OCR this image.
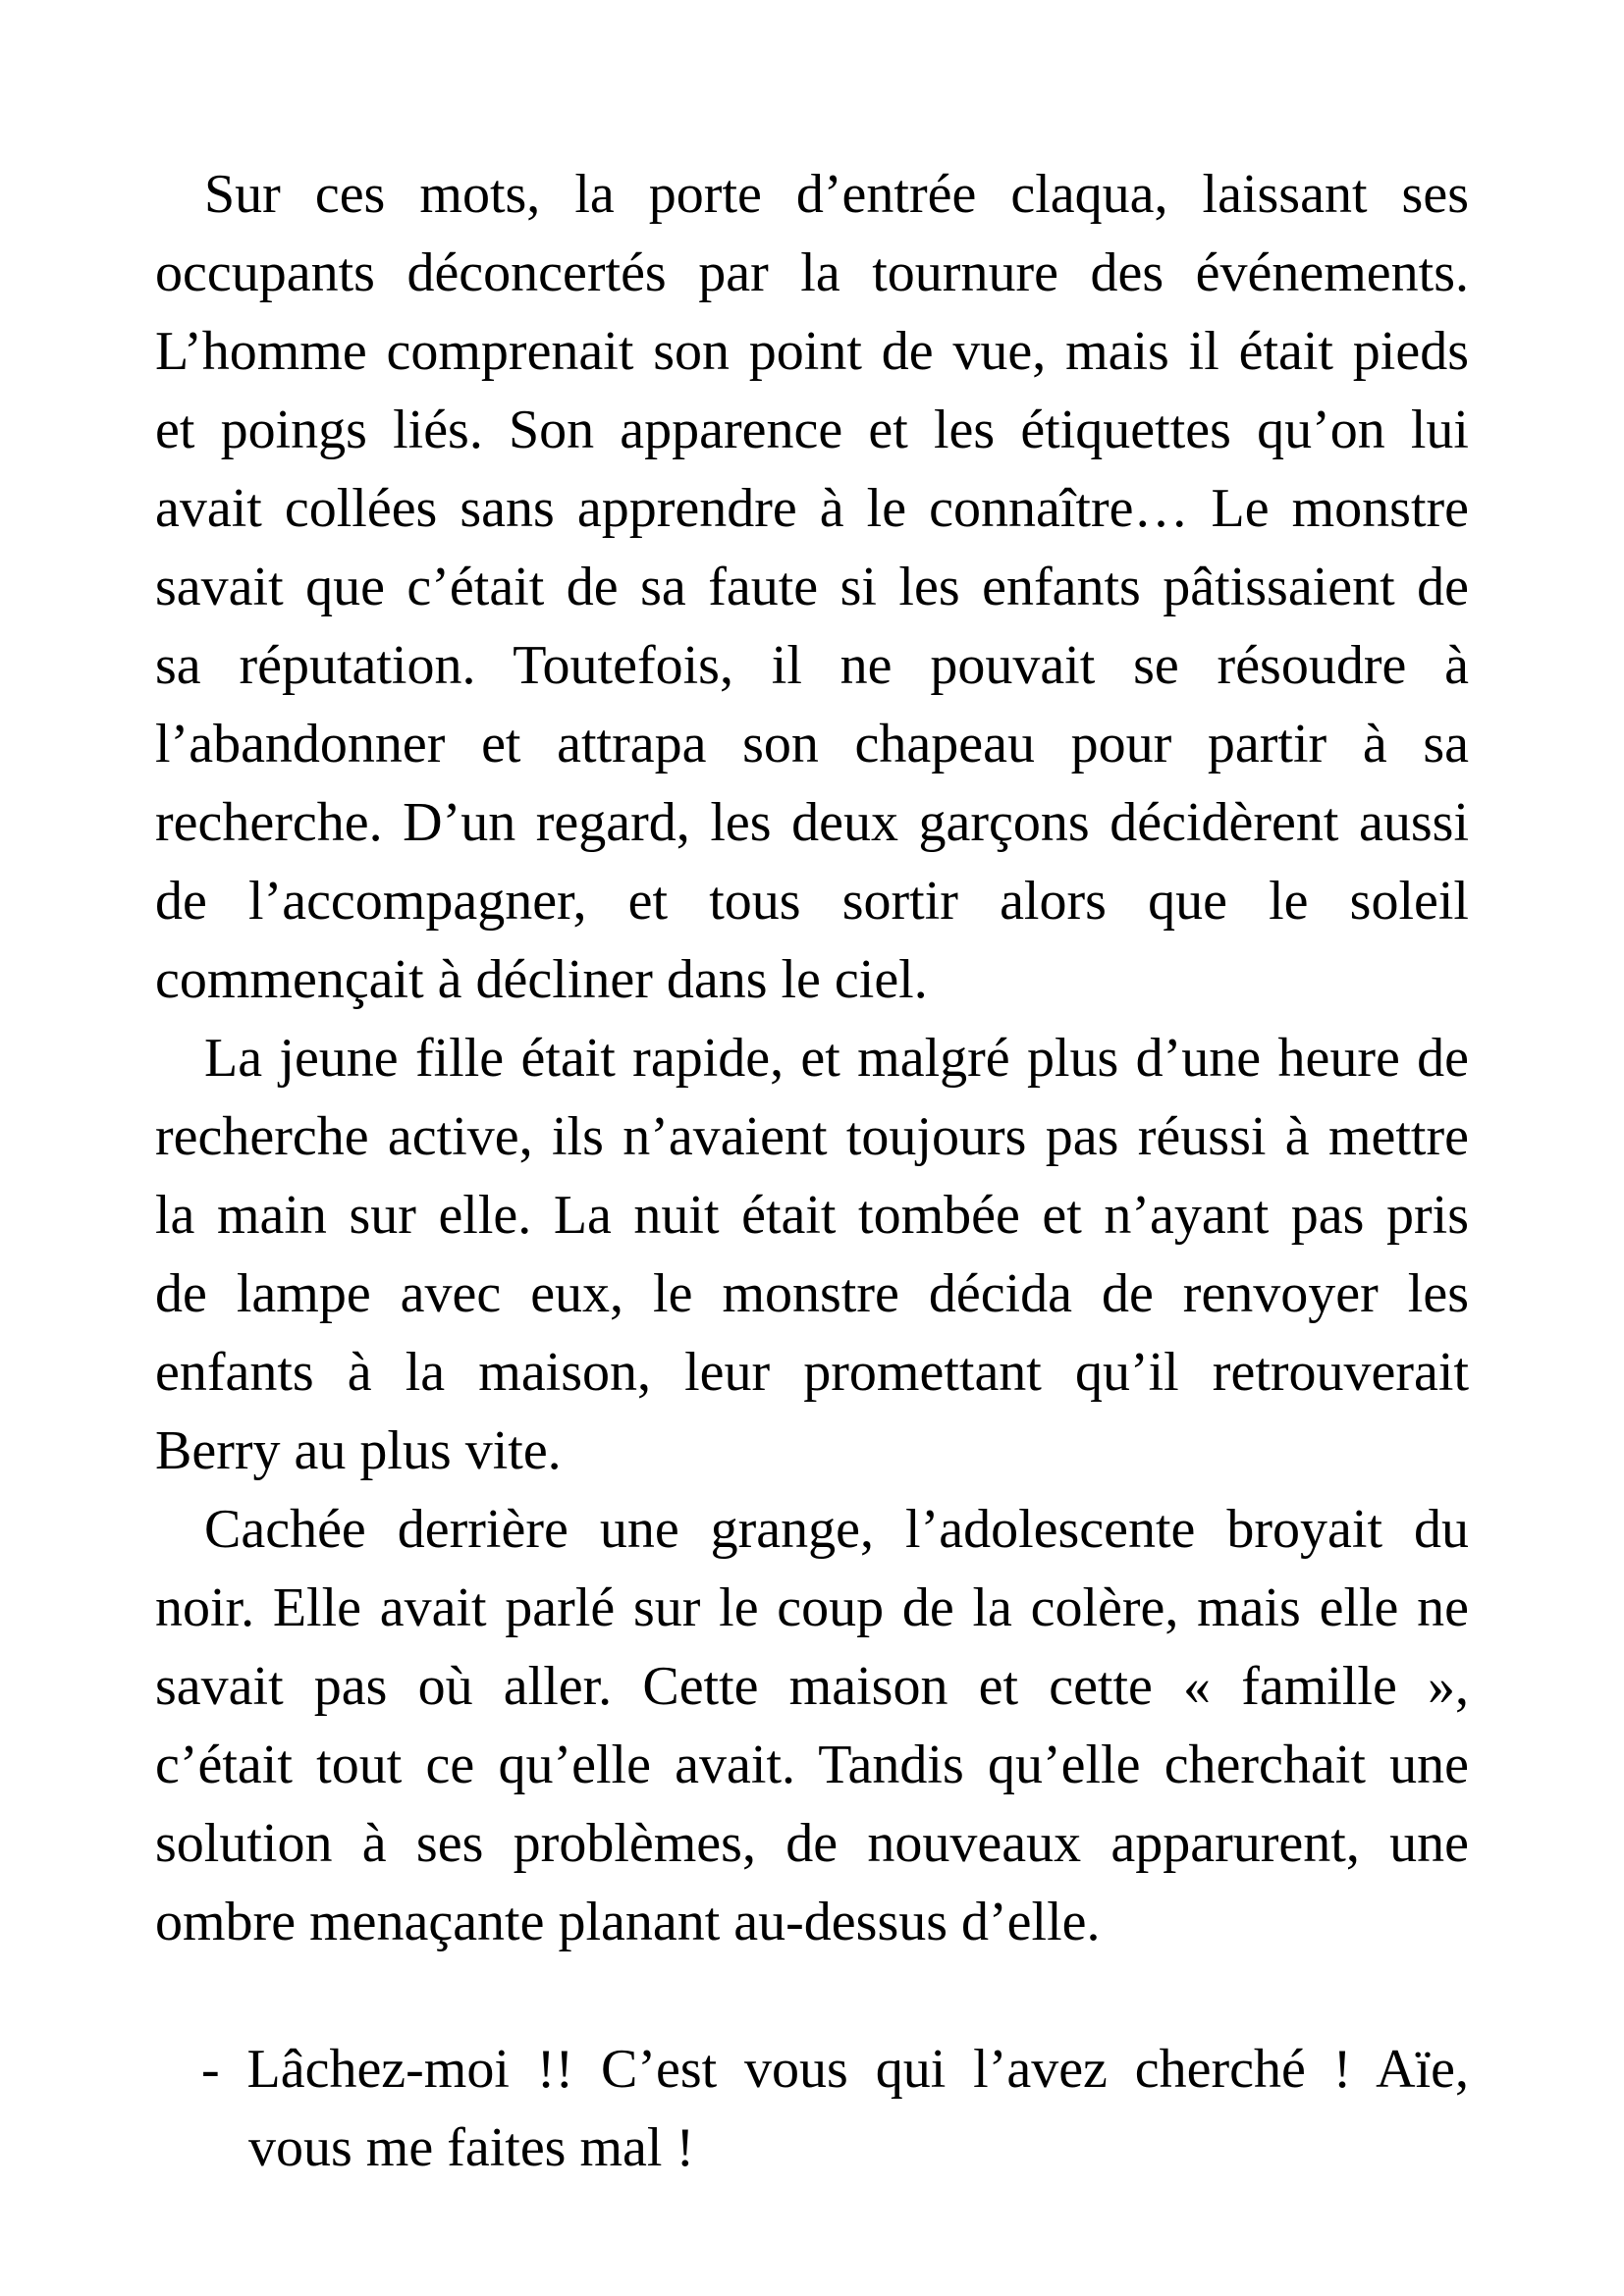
Sur ces mots, la porte d’entrée claqua, laissant ses
occupants déconcertés par la tournure des événements.
L’homme comprenait son point de vue, mais il était pieds
et poings liés. Son apparence et les étiquettes qu’on lui
avait collées sans apprendre à le connaître… Le monstre
savait que c’était de sa faute si les enfants pâtissaient de
sa réputation. Toutefois, il ne pouvait se résoudre à
l’abandonner et attrapa son chapeau pour partir à sa
recherche. D’un regard, les deux garçons décidèrent aussi
de l’accompagner, et tous sortir alors que le soleil
commençait à décliner dans le ciel.
La jeune fille était rapide, et malgré plus d’une heure de
recherche active, ils n’avaient toujours pas réussi à mettre
la main sur elle. La nuit était tombée et n’ayant pas pris
de lampe avec eux, le monstre décida de renvoyer les
enfants à la maison, leur promettant qu’il retrouverait
Berry au plus vite.
Cachée derrière une grange, l’adolescente broyait du
noir. Elle avait parlé sur le coup de la colère, mais elle ne
savait pas où aller. Cette maison et cette « famille »,
c’était tout ce qu’elle avait. Tandis qu’elle cherchait une
solution à ses problèmes, de nouveaux apparurent, une
ombre menaçante planant au-dessus d’elle.
- Lâchez-moi !! C’est vous qui l’avez cherché ! Aïe,
vous me faites mal !
